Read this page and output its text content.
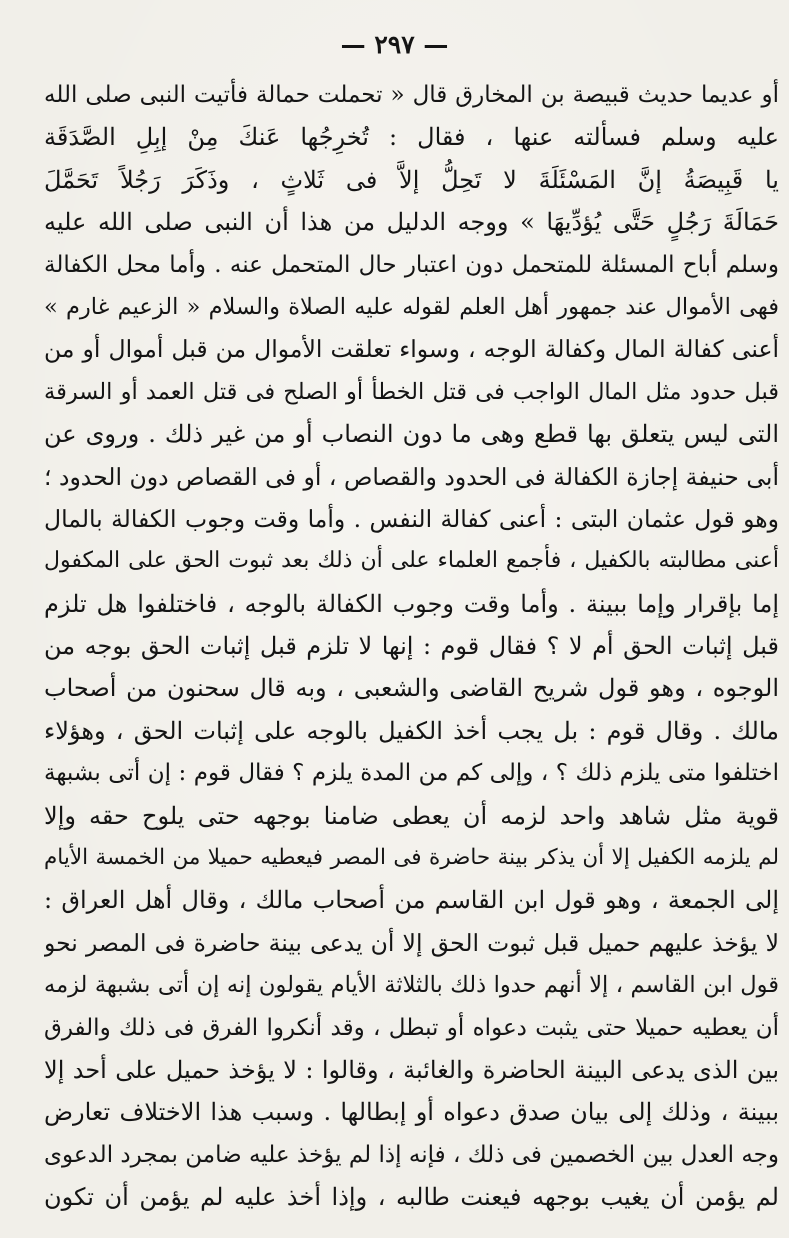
— ٢٩٧ —
أو عديما حديث قبيصة بن المخارق قال « تحملت حمالة فأتيت النبى صلى الله
عليه وسلم فسألته عنها ، فقال : تُخرِجُها عَنكَ مِنْ إبِلِ الصَّدَقَة
يا قَبِيصَةُ إنَّ المَسْئَلَةَ لا تَحِلُّ إلاَّ فى ثَلاثٍ ، وذَكَرَ رَجُلاً تَحَمَّلَ
حَمَالَةَ رَجُلٍ حَتَّى يُؤدِّيهَا » ووجه الدليل من هذا أن النبى صلى الله عليه
وسلم أباح المسئلة للمتحمل دون اعتبار حال المتحمل عنه . وأما محل الكفالة
فهى الأموال عند جمهور أهل العلم لقوله عليه الصلاة والسلام « الزعيم غارم »
أعنى كفالة المال وكفالة الوجه ، وسواء تعلقت الأموال من قبل أموال أو من
قبل حدود مثل المال الواجب فى قتل الخطأ أو الصلح فى قتل العمد أو السرقة
التى ليس يتعلق بها قطع وهى ما دون النصاب أو من غير ذلك . وروى عن
أبى حنيفة إجازة الكفالة فى الحدود والقصاص ، أو فى القصاص دون الحدود ؛
وهو قول عثمان البتى : أعنى كفالة النفس . وأما وقت وجوب الكفالة بالمال
أعنى مطالبته بالكفيل ، فأجمع العلماء على أن ذلك بعد ثبوت الحق على المكفول
إما بإقرار وإما ببينة . وأما وقت وجوب الكفالة بالوجه ، فاختلفوا هل تلزم
قبل إثبات الحق أم لا ؟ فقال قوم : إنها لا تلزم قبل إثبات الحق بوجه من
الوجوه ، وهو قول شريح القاضى والشعبى ، وبه قال سحنون من أصحاب
مالك . وقال قوم : بل يجب أخذ الكفيل بالوجه على إثبات الحق ، وهؤلاء
اختلفوا متى يلزم ذلك ؟ ، وإلى كم من المدة يلزم ؟ فقال قوم : إن أتى بشبهة
قوية مثل شاهد واحد لزمه أن يعطى ضامنا بوجهه حتى يلوح حقه وإلا
لم يلزمه الكفيل إلا أن يذكر بينة حاضرة فى المصر فيعطيه حميلا من الخمسة الأيام
إلى الجمعة ، وهو قول ابن القاسم من أصحاب مالك ، وقال أهل العراق :
لا يؤخذ عليهم حميل قبل ثبوت الحق إلا أن يدعى بينة حاضرة فى المصر نحو
قول ابن القاسم ، إلا أنهم حدوا ذلك بالثلاثة الأيام يقولون إنه إن أتى بشبهة لزمه
أن يعطيه حميلا حتى يثبت دعواه أو تبطل ، وقد أنكروا الفرق فى ذلك والفرق
بين الذى يدعى البينة الحاضرة والغائبة ، وقالوا : لا يؤخذ حميل على أحد إلا
ببينة ، وذلك إلى بيان صدق دعواه أو إبطالها . وسبب هذا الاختلاف تعارض
وجه العدل بين الخصمين فى ذلك ، فإنه إذا لم يؤخذ عليه ضامن بمجرد الدعوى
لم يؤمن أن يغيب بوجهه فيعنت طالبه ، وإذا أخذ عليه لم يؤمن أن تكون
